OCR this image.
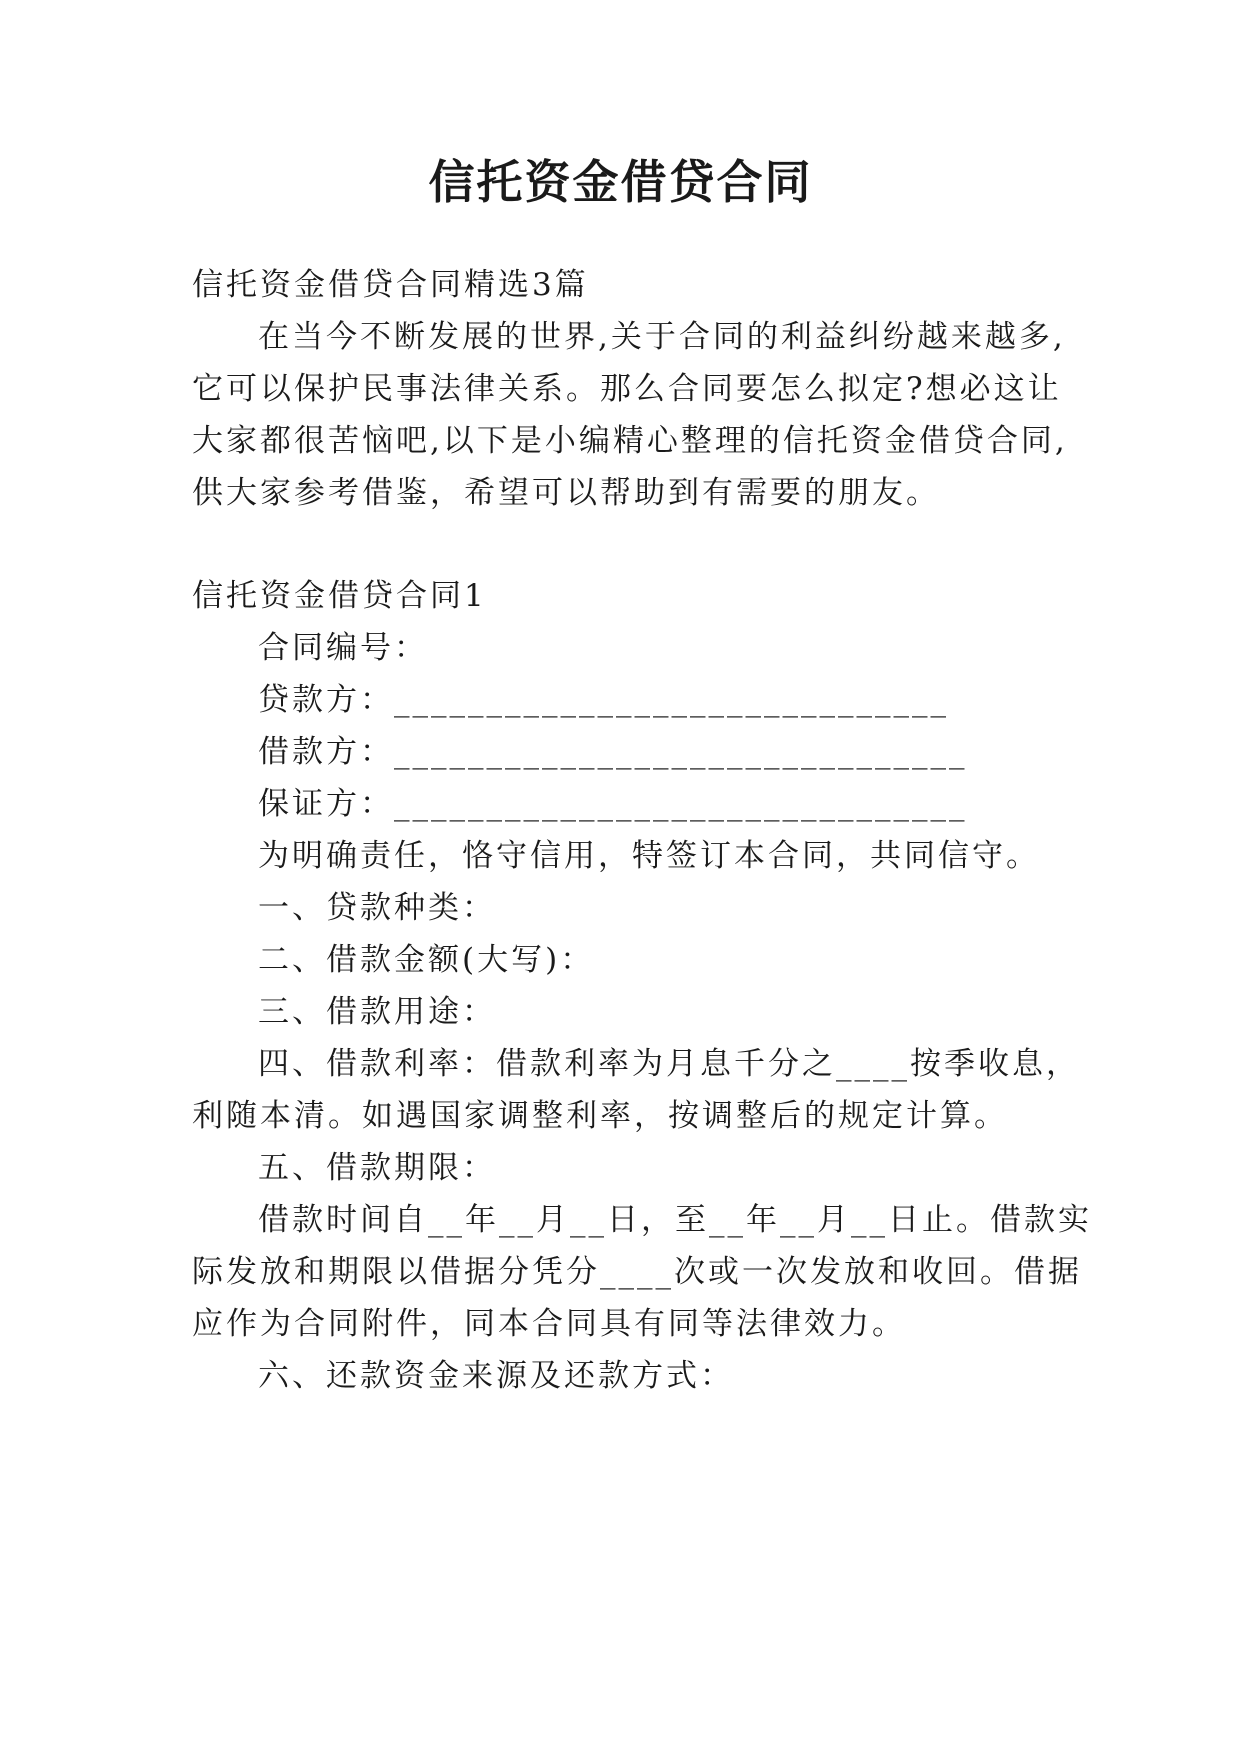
信托资金借贷合同

信托资金借贷合同精选3篇

在当今不断发展的世界,关于合同的利益纠纷越来越多,

它可以保护民事法律关系。那么合同要怎么拟定?想必这让

大家都很苦恼吧,以下是小编精心整理的信托资金借贷合同,

供大家参考借鉴，希望可以帮助到有需要的朋友。

信托资金借贷合同1

合同编号：

贷款方：______________________________

借款方：_______________________________

保证方：_______________________________

为明确责任，恪守信用，特签订本合同，共同信守。

一、贷款种类：

二、借款金额(大写)：

三、借款用途：

四、借款利率：借款利率为月息千分之____按季收息，

利随本清。如遇国家调整利率，按调整后的规定计算。

五、借款期限：

借款时间自__年__月__日，至__年__月__日止。借款实

际发放和期限以借据分凭分____次或一次发放和收回。借据

应作为合同附件，同本合同具有同等法律效力。

六、还款资金来源及还款方式：
